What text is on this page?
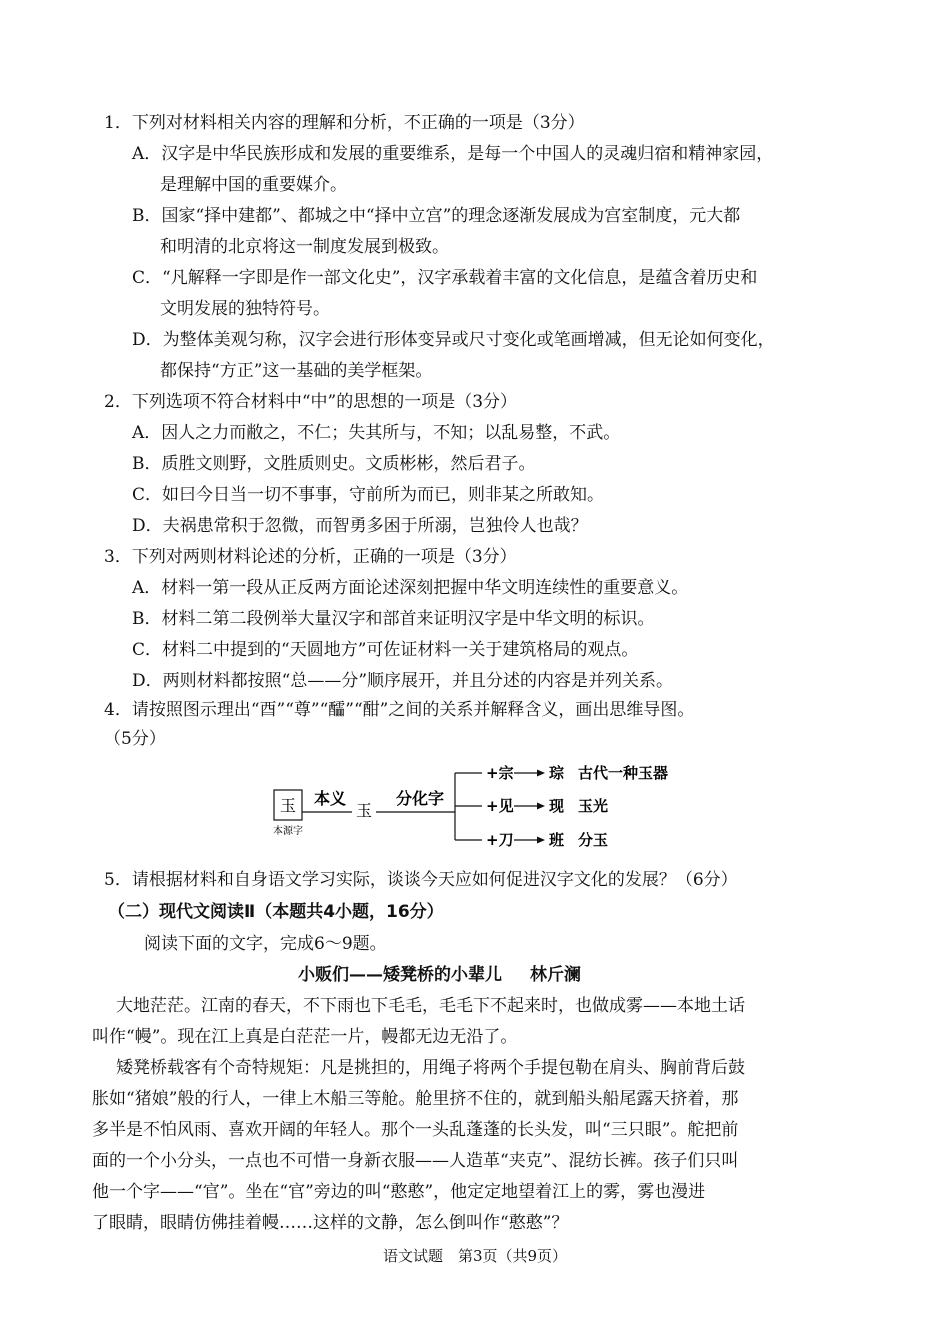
1．下列对材料相关内容的理解和分析，不正确的一项是（3分）
A．汉字是中华民族形成和发展的重要维系，是每一个中国人的灵魂归宿和精神家园，
是理解中国的重要媒介。
B．国家“择中建都”、都城之中“择中立宫”的理念逐渐发展成为宫室制度，元大都
和明清的北京将这一制度发展到极致。
C．“凡解释一字即是作一部文化史”，汉字承载着丰富的文化信息，是蕴含着历史和
文明发展的独特符号。
D．为整体美观匀称，汉字会进行形体变异或尺寸变化或笔画增减，但无论如何变化，
都保持“方正”这一基础的美学框架。
2．下列选项不符合材料中“中”的思想的一项是（3分）
A．因人之力而敝之，不仁；失其所与，不知；以乱易整，不武。
B．质胜文则野，文胜质则史。文质彬彬，然后君子。
C．如曰今日当一切不事事，守前所为而已，则非某之所敢知。
D．夫祸患常积于忽微，而智勇多困于所溺，岂独伶人也哉？
3．下列对两则材料论述的分析，正确的一项是（3分）
A．材料一第一段从正反两方面论述深刻把握中华文明连续性的重要意义。
B．材料二第二段例举大量汉字和部首来证明汉字是中华文明的标识。
C．材料二中提到的“天圆地方”可佐证材料一关于建筑格局的观点。
D．两则材料都按照“总——分”顺序展开，并且分述的内容是并列关系。
4．请按照图示理出“酉”“尊”“醽”“酣”之间的关系并解释含义，画出思维导图。
（5分）
玉
本源字
本义
玉
分化字
+宗 琮 古代一种玉器
+见 现 玉光
+刀 班 分玉
5．请根据材料和自身语文学习实际，谈谈今天应如何促进汉字文化的发展？（6分）
（二）现代文阅读Ⅱ（本题共4小题，16分）
阅读下面的文字，完成6～9题。
小贩们——矮凳桥的小辈儿 林斤澜
大地茫茫。江南的春天，不下雨也下毛毛，毛毛下不起来时，也做成雾——本地土话
叫作“幔”。现在江上真是白茫茫一片，幔都无边无沿了。
矮凳桥载客有个奇特规矩：凡是挑担的，用绳子将两个手提包勒在肩头、胸前背后鼓
胀如“猪娘”般的行人，一律上木船三等舱。舱里挤不住的，就到船头船尾露天挤着，那
多半是不怕风雨、喜欢开阔的年轻人。那个一头乱蓬蓬的长头发，叫“三只眼”。舵把前
面的一个小分头，一点也不可惜一身新衣服——人造革“夹克”、混纺长裤。孩子们只叫
他一个字——“官”。坐在“官”旁边的叫“憨憨”，他定定地望着江上的雾，雾也漫进
了眼睛，眼睛仿佛挂着幔……这样的文静，怎么倒叫作“憨憨”？
语文试题　第3页（共9页）
